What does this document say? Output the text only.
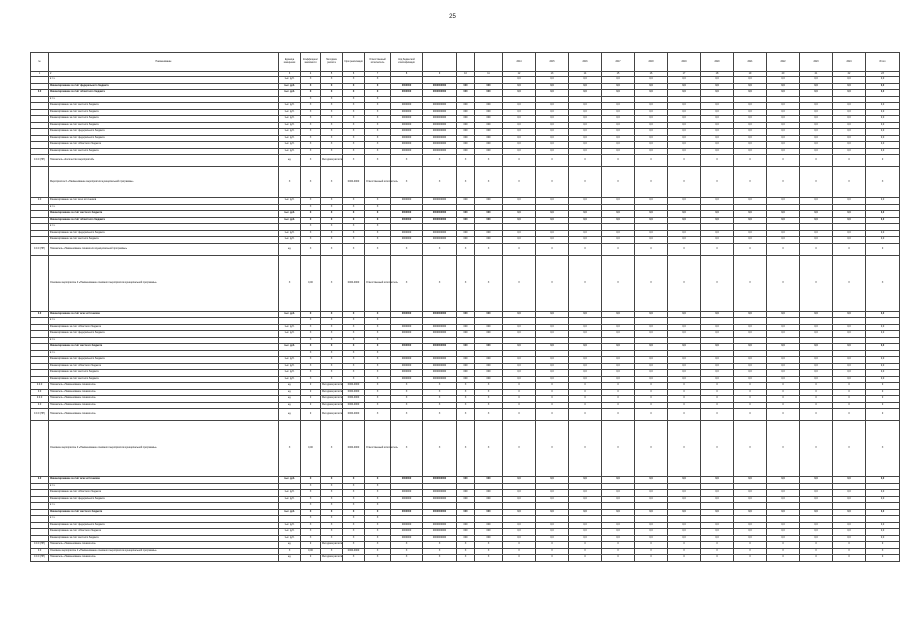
25
№	Наименование	Единица измерения	Коэффициент значимости	Методика расчёта	Срок реализации	Ответственный исполнитель	Код бюджетной классификации				2014	2015	2016	2017	2018	2019	2020	2021	2022	2023	2024	Итого
1	2	3	4	5	6	7	8	9	10	11	12	13	14	15	16	17	18	19	20	21	22	23
	в т.ч.	тыс. руб.	Х	Х	Х	Х					0,0	0,0	0,0	0,0	0,0	0,0	0,0	0,0	0,0	0,0	0,0	0,0
	Финансирование за счёт федерального бюджета	тыс. руб.	Х	Х	Х	Х	0000000	0000000000	000	000	0,0	0,0	0,0	0,0	0,0	0,0	0,0	0,0	0,0	0,0	0,0	0,0
0.0	Финансирование за счёт областного бюджета	тыс. руб.	Х	Х	Х	Х	0000000	0000000000	000	000	0,0	0,0	0,0	0,0	0,0	0,0	0,0	0,0	0,0	0,0	0,0	0,0
	в т.ч.		Х	Х	Х	Х																
	Финансирование за счёт местного бюджета	тыс. руб.	Х	Х	Х	Х	0000000	0000000000	000	000	0,0	0,0	0,0	0,0	0,0	0,0	0,0	0,0	0,0	0,0	0,0	0,0
	Финансирование за счёт местного бюджета	тыс. руб.	Х	Х	Х	Х	0000000	0000000000	000	000	0,0	0,0	0,0	0,0	0,0	0,0	0,0	0,0	0,0	0,0	0,0	0,0
	Финансирование за счёт местного бюджета	тыс. руб.	Х	Х	Х	Х	0000000	0000000000	000	000	0,0	0,0	0,0	0,0	0,0	0,0	0,0	0,0	0,0	0,0	0,0	0,0
	Финансирование за счёт местного бюджета	тыс. руб.	Х	Х	Х	Х	0000000	0000000000	000	000	0,0	0,0	0,0	0,0	0,0	0,0	0,0	0,0	0,0	0,0	0,0	0,0
	Финансирование за счёт федерального бюджета	тыс. руб.	Х	Х	Х	Х	0000000	0000000000	000	000	0,0	0,0	0,0	0,0	0,0	0,0	0,0	0,0	0,0	0,0	0,0	0,0
	Финансирование за счёт федерального бюджета	тыс. руб.	Х	Х	Х	Х	0000000	0000000000	000	000	0,0	0,0	0,0	0,0	0,0	0,0	0,0	0,0	0,0	0,0	0,0	0,0
	Финансирование за счёт областного бюджета	тыс. руб.	Х	Х	Х	Х	0000000	0000000000	000	000	0,0	0,0	0,0	0,0	0,0	0,0	0,0	0,0	0,0	0,0	0,0	0,0
	Финансирование за счёт местного бюджета	тыс. руб.	Х	Х	Х	Х	0000000	0000000000	000	000	0,0	0,0	0,0	0,0	0,0	0,0	0,0	0,0	0,0	0,0	0,0	0,0
0.0.0 (ПП)	Показатель «Количество мероприятий»	ед.	Х	Методика расчёта	Х	Х	Х	Х	Х	Х	0	0	0	0	0	0	0	0	0	0	0	0
	Мероприятие 0 «Наименование мероприятия муниципальной программы»	Х	Х	Х	0000-0000	Ответственный исполнитель	Х	Х	Х	Х	Х	Х	Х	Х	Х	Х	Х	Х	Х	Х	Х	Х
0.0	Финансирование за счёт всех источников	тыс. руб.	Х	Х	Х	Х	0000000	0000000000	000	000	0,0	0,0	0,0	0,0	0,0	0,0	0,0	0,0	0,0	0,0	0,0	0,0
	в т.ч.		Х	Х	Х	Х																
	Финансирование за счёт местного бюджета	тыс. руб.	Х	Х	Х	Х	0000000	0000000000	000	000	0,0	0,0	0,0	0,0	0,0	0,0	0,0	0,0	0,0	0,0	0,0	0,0
	Финансирование за счёт областного бюджета	тыс. руб.	Х	Х	Х	Х	0000000	0000000000	000	000	0,0	0,0	0,0	0,0	0,0	0,0	0,0	0,0	0,0	0,0	0,0	0,0
	в т.ч.		Х	Х	Х	Х																
	Финансирование за счёт федерального бюджета	тыс. руб.	Х	Х	Х	Х	0000000	0000000000	000	000	0,0	0,0	0,0	0,0	0,0	0,0	0,0	0,0	0,0	0,0	0,0	0,0
	Финансирование за счёт местного бюджета	тыс. руб.	Х	Х	Х	Х	0000000	0000000000	000	000	0,0	0,0	0,0	0,0	0,0	0,0	0,0	0,0	0,0	0,0	0,0	0,0
0.0.0 (ПП)	Показатель «Наименование показателя муниципальной программы»	ед.	Х	Х	Х	Х	Х	Х	Х	Х	0	0	0	0	0	0	0	0	0	0	0	0
	Основное мероприятие 0 «Наименование основного мероприятия муниципальной программы»	Х	0,00	Х	0000-0000	Ответственный исполнитель	Х	Х	Х	Х	Х	Х	Х	Х	Х	Х	Х	Х	Х	Х	Х	Х
0.0	Финансирование за счёт всех источников	тыс. руб.	Х	Х	Х	Х	0000000	0000000000	000	000	0,0	0,0	0,0	0,0	0,0	0,0	0,0	0,0	0,0	0,0	0,0	0,0
	в т.ч.		Х	Х	Х	Х																
	Финансирование за счёт областного бюджета	тыс. руб.	Х	Х	Х	Х	0000000	0000000000	000	000	0,0	0,0	0,0	0,0	0,0	0,0	0,0	0,0	0,0	0,0	0,0	0,0
	Финансирование за счёт федерального бюджета	тыс. руб.	Х	Х	Х	Х	0000000	0000000000	000	000	0,0	0,0	0,0	0,0	0,0	0,0	0,0	0,0	0,0	0,0	0,0	0,0
	в т.ч.		Х	Х	Х	Х																
	Финансирование за счёт местного бюджета	тыс. руб.	Х	Х	Х	Х	0000000	0000000000	000	000	0,0	0,0	0,0	0,0	0,0	0,0	0,0	0,0	0,0	0,0	0,0	0,0
	в т.ч.		Х	Х	Х	Х																
	Финансирование за счёт федерального бюджета	тыс. руб.	Х	Х	Х	Х	0000000	0000000000	000	000	0,0	0,0	0,0	0,0	0,0	0,0	0,0	0,0	0,0	0,0	0,0	0,0
	Финансирование за счёт областного бюджета	тыс. руб.	Х	Х	Х	Х	0000000	0000000000	000	000	0,0	0,0	0,0	0,0	0,0	0,0	0,0	0,0	0,0	0,0	0,0	0,0
	Финансирование за счёт местного бюджета	тыс. руб.	Х	Х	Х	Х	0000000	0000000000	000	000	0,0	0,0	0,0	0,0	0,0	0,0	0,0	0,0	0,0	0,0	0,0	0,0
	Финансирование за счёт местного бюджета	тыс. руб.	Х	Х	Х	Х	0000000	0000000000	000	000	0,0	0,0	0,0	0,0	0,0	0,0	0,0	0,0	0,0	0,0	0,0	0,0
0.0.0	Показатель «Наименование показателя»	ед.	0	Методика расчёта	0000-0000	Х	Х	Х	Х	Х	0	0	0	0	0	0	0	0	0	0	0	0
0.0	Показатель «Наименование показателя»	ед.	0	Методика расчёта	0000-0000	Х	Х	Х	Х	Х	0	0	0	0	0	0	0	0	0	0	0	0
0.0.0	Показатель «Наименование показателя»	ед.	0	Методика расчёта	0000-0000	Х	Х	Х	Х	Х	0	0	0	0	0	0	0	0	0	0	0	0
0.0	Показатель «Наименование показателя»	ед.	0	Методика расчёта	0000-0000	Х	Х	Х	Х	Х	0	0	0	0	0	0	0	0	0	0	0	0
0.0.0 (ПП)	Показатель «Наименование показателя»	ед.	0	Методика расчёта	0000-0000	Х	Х	Х	Х	Х	0	0	0	0	0	0	0	0	0	0	0	0
	Основное мероприятие 0 «Наименование основного мероприятия муниципальной программы»	Х	0,00	Х	0000-0000	Ответственный исполнитель	Х	Х	Х	Х	Х	Х	Х	Х	Х	Х	Х	Х	Х	Х	Х	Х
0.0	Финансирование за счёт всех источников	тыс. руб.	Х	Х	Х	Х	0000000	0000000000	000	000	0,0	0,0	0,0	0,0	0,0	0,0	0,0	0,0	0,0	0,0	0,0	0,0
	в т.ч.		Х	Х	Х	Х																
	Финансирование за счёт областного бюджета	тыс. руб.	Х	Х	Х	Х	0000000	0000000000	000	000	0,0	0,0	0,0	0,0	0,0	0,0	0,0	0,0	0,0	0,0	0,0	0,0
	Финансирование за счёт федерального бюджета	тыс. руб.	Х	Х	Х	Х	0000000	0000000000	000	000	0,0	0,0	0,0	0,0	0,0	0,0	0,0	0,0	0,0	0,0	0,0	0,0
	в т.ч.		Х	Х	Х	Х																
	Финансирование за счёт местного бюджета	тыс. руб.	Х	Х	Х	Х	0000000	0000000000	000	000	0,0	0,0	0,0	0,0	0,0	0,0	0,0	0,0	0,0	0,0	0,0	0,0
	в т.ч.		Х	Х	Х	Х																
	Финансирование за счёт федерального бюджета	тыс. руб.	Х	Х	Х	Х	0000000	0000000000	000	000	0,0	0,0	0,0	0,0	0,0	0,0	0,0	0,0	0,0	0,0	0,0	0,0
	Финансирование за счёт областного бюджета	тыс. руб.	Х	Х	Х	Х	0000000	0000000000	000	000	0,0	0,0	0,0	0,0	0,0	0,0	0,0	0,0	0,0	0,0	0,0	0,0
	Финансирование за счёт местного бюджета	тыс. руб.	Х	Х	Х	Х	0000000	0000000000	000	000	0,0	0,0	0,0	0,0	0,0	0,0	0,0	0,0	0,0	0,0	0,0	0,0
0.0.0 (ПП)	Показатель «Наименование показателя»	ед.	0	Методика расчёта	Х	Х	Х	Х	Х	Х	0	0	0	0	0	0	0	0	0	0	0	0
0.0	Основное мероприятие 0 «Наименование основного мероприятия муниципальной программы»	Х	0,00	Х	0000-0000	Х	Х	Х	Х	Х	Х	Х	Х	Х	Х	Х	Х	Х	Х	Х	Х	Х
0.0.0 (ПП)	Показатель «Наименование показателя»	ед.	0	Методика расчёта	Х	Х	Х	Х	Х	Х	0	0	0	0	0	0	0	0	0	0	0	0
